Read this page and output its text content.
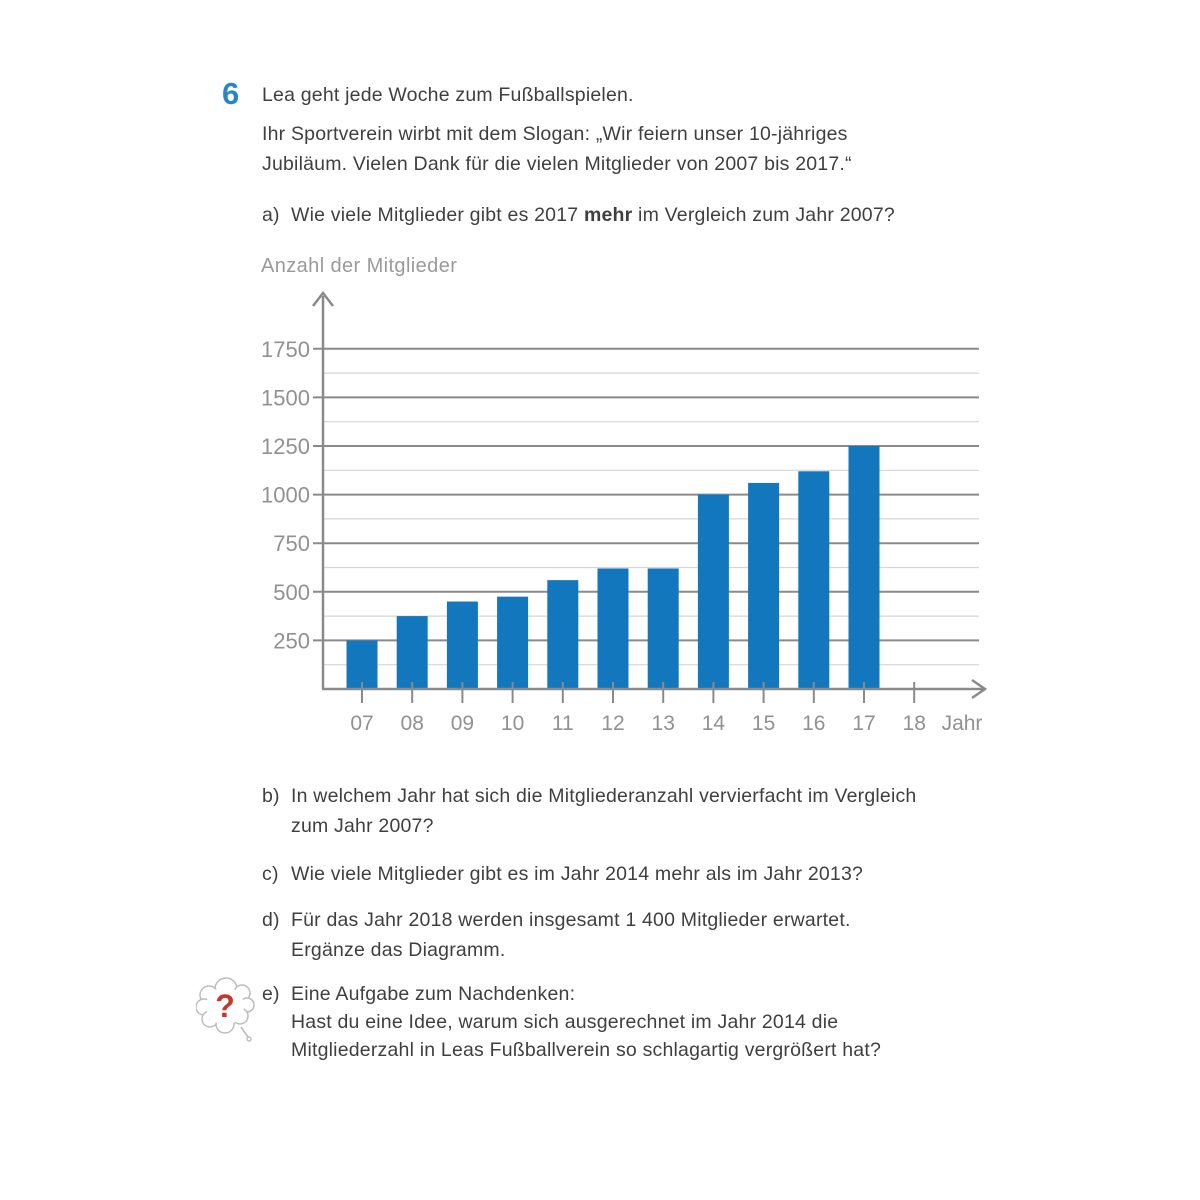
6 Lea geht jede Woche zum Fußballspielen.
Ihr Sportverein wirbt mit dem Slogan: „Wir feiern unser 10-jähriges
Jubiläum. Vielen Dank für die vielen Mitglieder von 2007 bis 2017.“
a) Wie viele Mitglieder gibt es 2017 mehr im Vergleich zum Jahr 2007?
Anzahl der Mitglieder
250
500
750
1000
1250
1500
1750
07 08 09 10 11 12 13 14 15 16 17 18 Jahr
b) In welchem Jahr hat sich die Mitgliederanzahl vervierfacht im Vergleich
zum Jahr 2007?
c) Wie viele Mitglieder gibt es im Jahr 2014 mehr als im Jahr 2013?
d) Für das Jahr 2018 werden insgesamt 1 400 Mitglieder erwartet.
Ergänze das Diagramm.
e) Eine Aufgabe zum Nachdenken:
Hast du eine Idee, warum sich ausgerechnet im Jahr 2014 die
Mitgliederzahl in Leas Fußballverein so schlagartig vergrößert hat?
?
